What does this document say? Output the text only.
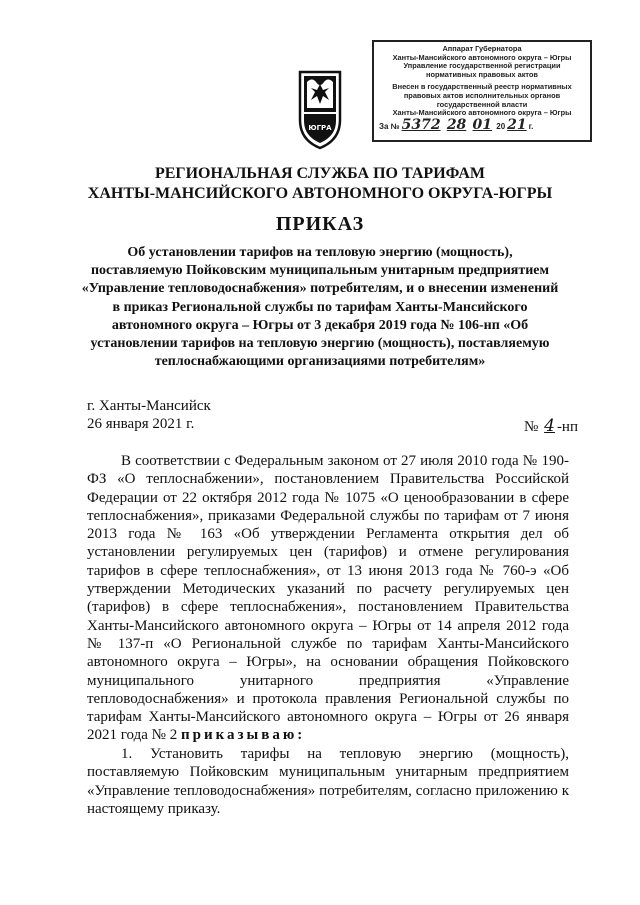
Аппарат Губернатора
Ханты-Мансийского автономного округа – Югры
Управление государственной регистрации
нормативных правовых актов
Внесен в государственный реестр нормативных
правовых актов исполнительных органов
государственной власти
Ханты-Мансийского автономного округа – Югры
За № 5372 28 01 20 21 г.
ЮГРА
РЕГИОНАЛЬНАЯ СЛУЖБА ПО ТАРИФАМ
ХАНТЫ-МАНСИЙСКОГО АВТОНОМНОГО ОКРУГА-ЮГРЫ
ПРИКАЗ
Об установлении тарифов на тепловую энергию (мощность), поставляемую Пойковским муниципальным унитарным предприятием «Управление тепловодоснабжения» потребителям, и о внесении изменений в приказ Региональной службы по тарифам Ханты-Мансийского автономного округа – Югры от 3 декабря 2019 года № 106-нп «Об установлении тарифов на тепловую энергию (мощность), поставляемую теплоснабжающими организациями потребителям»
г. Ханты-Мансийск
26 января 2021 г.	№ 4 -нп
В соответствии с Федеральным законом от 27 июля 2010 года № 190-ФЗ «О теплоснабжении», постановлением Правительства Российской Федерации от 22 октября 2012 года № 1075 «О ценообразовании в сфере теплоснабжения», приказами Федеральной службы по тарифам от 7 июня 2013 года № 163 «Об утверждении Регламента открытия дел об установлении регулируемых цен (тарифов) и отмене регулирования тарифов в сфере теплоснабжения», от 13 июня 2013 года № 760-э «Об утверждении Методических указаний по расчету регулируемых цен (тарифов) в сфере теплоснабжения», постановлением Правительства Ханты-Мансийского автономного округа – Югры от 14 апреля 2012 года № 137-п «О Региональной службе по тарифам Ханты-Мансийского автономного округа – Югры», на основании обращения Пойковского муниципального унитарного предприятия «Управление тепловодоснабжения» и протокола правления Региональной службы по тарифам Ханты-Мансийского автономного округа – Югры от 26 января 2021 года № 2 приказываю:
1. Установить тарифы на тепловую энергию (мощность), поставляемую Пойковским муниципальным унитарным предприятием «Управление тепловодоснабжения» потребителям, согласно приложению к настоящему приказу.
